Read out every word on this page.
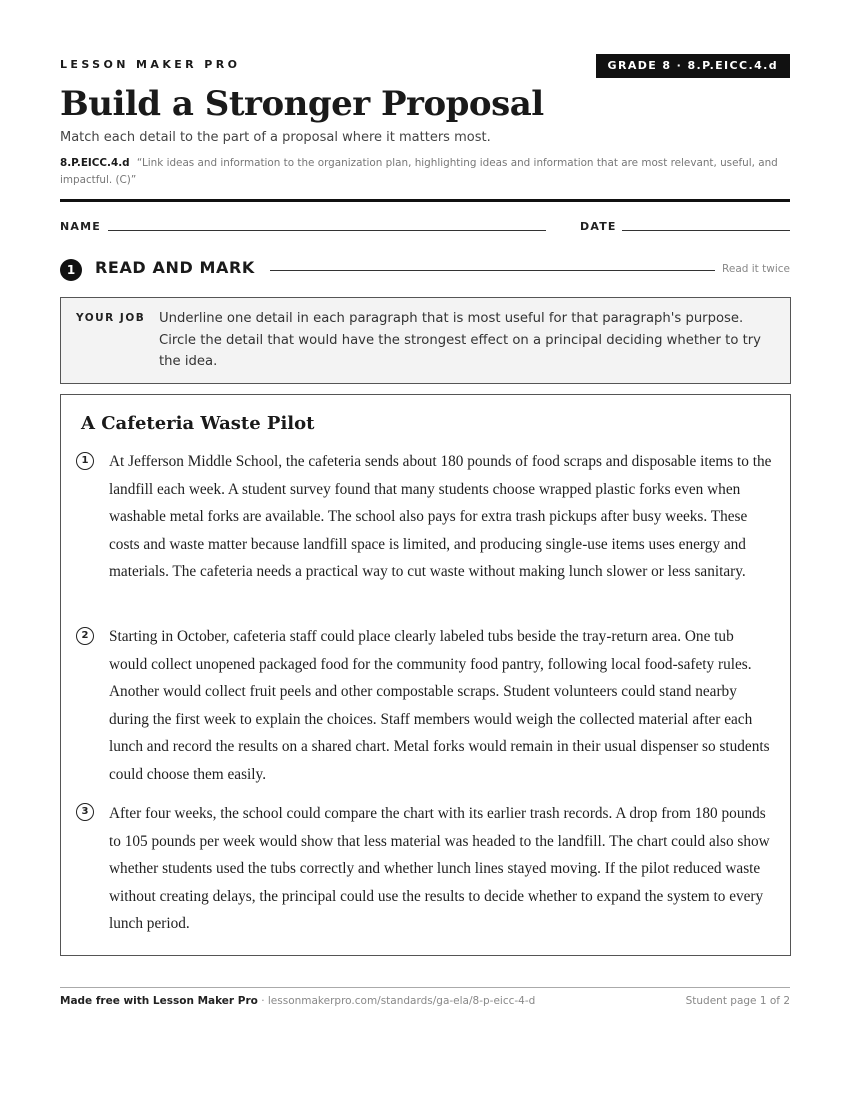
LESSON MAKER PRO	GRADE 8 · 8.P.EICC.4.d
Build a Stronger Proposal
Match each detail to the part of a proposal where it matters most.
8.P.EICC.4.d “Link ideas and information to the organization plan, highlighting ideas and information that are most relevant, useful, and impactful. (C)”
NAME	DATE
1	READ AND MARK	Read it twice
YOUR JOB Underline one detail in each paragraph that is most useful for that paragraph's purpose. Circle the detail that would have the strongest effect on a principal deciding whether to try the idea.
A Cafeteria Waste Pilot
1	At Jefferson Middle School, the cafeteria sends about 180 pounds of food scraps and disposable items to the landfill each week. A student survey found that many students choose wrapped plastic forks even when washable metal forks are available. The school also pays for extra trash pickups after busy weeks. These costs and waste matter because landfill space is limited, and producing single-use items uses energy and materials. The cafeteria needs a practical way to cut waste without making lunch slower or less sanitary.

2	Starting in October, cafeteria staff could place clearly labeled tubs beside the tray-return area. One tub would collect unopened packaged food for the community food pantry, following local food-safety rules. Another would collect fruit peels and other compostable scraps. Student volunteers could stand nearby during the first week to explain the choices. Staff members would weigh the collected material after each lunch and record the results on a shared chart. Metal forks would remain in their usual dispenser so students could choose them easily.

3	After four weeks, the school could compare the chart with its earlier trash records. A drop from 180 pounds to 105 pounds per week would show that less material was headed to the landfill. The chart could also show whether students used the tubs correctly and whether lunch lines stayed moving. If the pilot reduced waste without creating delays, the principal could use the results to decide whether to expand the system to every lunch period.

Made free with Lesson Maker Pro · lessonmakerpro.com/standards/ga-ela/8-p-eicc-4-d	Student page 1 of 2
